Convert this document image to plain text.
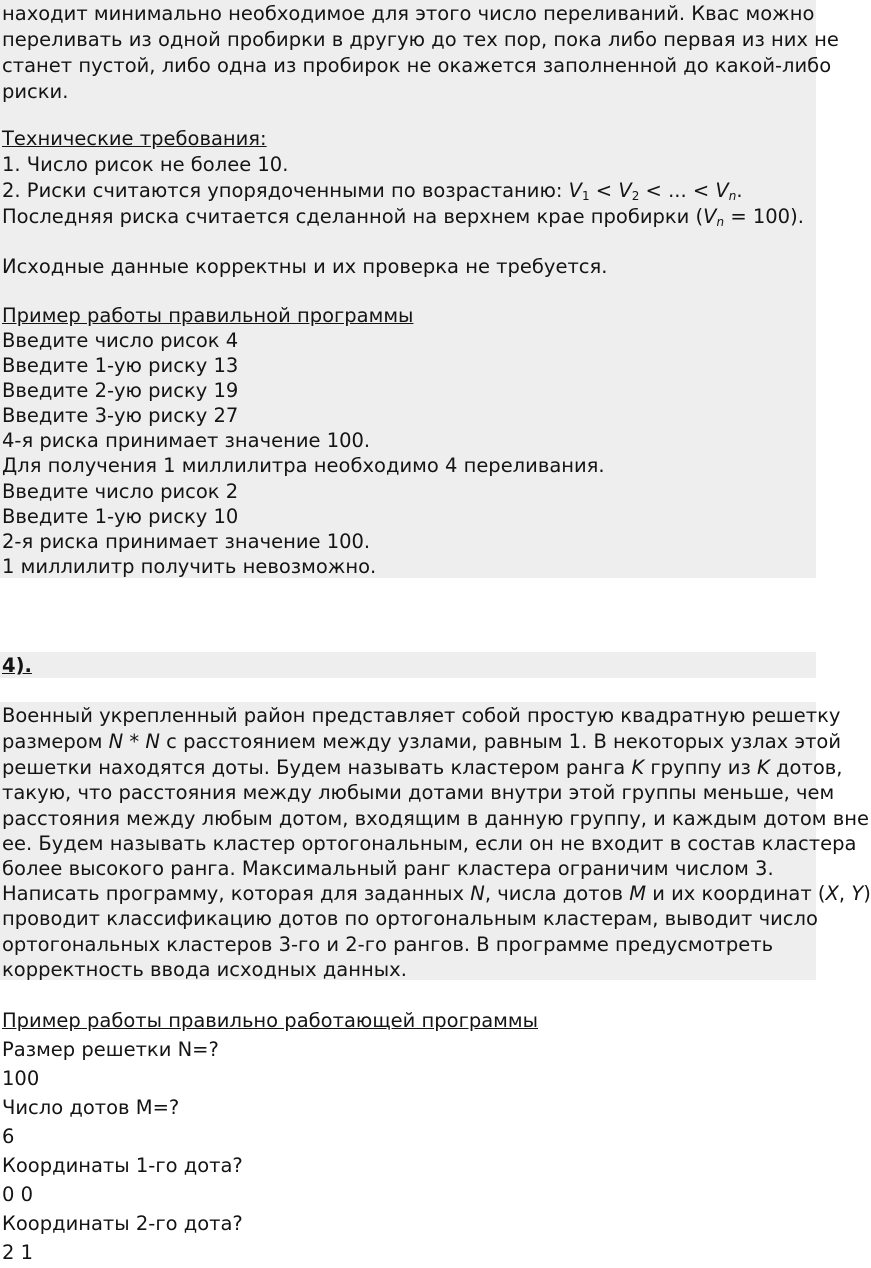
находит минимально необходимое для этого число переливаний. Квас можно
переливать из одной пробирки в другую до тех пор, пока либо первая из них не
станет пустой, либо одна из пробирок не окажется заполненной до какой-либо
риски.
Технические требования:
1. Число рисок не более 10.
2. Риски считаются упорядоченными по возрастанию: $V_1 < V_2$ < ... < $V_n$.
Последняя риска считается сделанной на верхнем крае пробирки $(V_n = 100)$.
Исходные данные корректны и их проверка не требуется.
Пример работы правильной программы
Введите число рисок 4
Введите 1-ую риску 13
Введите 2-ую риску 19
Введите 3-ую риску 27
4-я риска принимает значение 100.
Для получения 1 миллилитра необходимо 4 переливания.
Введите число рисок 2
Введите 1-ую риску 10
2-я риска принимает значение 100.
1 миллилитр получить невозможно.
4).
Военный укрепленный район представляет собой простую квадратную решетку
размером N * N с расстоянием между узлами, равным 1. В некоторых узлах этой
решетки находятся доты. Будем называть кластером ранга K группу из K дотов,
такую, что расстояния между любыми дотами внутри этой группы меньше, чем
расстояния между любым дотом, входящим в данную группу, и каждым дотом вне
ее. Будем называть кластер ортогональным, если он не входит в состав кластера
более высокого ранга. Максимальный ранг кластера ограничим числом 3.
Написать программу, которая для заданных N, числа дотов M и их координат (X, Y)
проводит классификацию дотов по ортогональным кластерам, выводит число
ортогональных кластеров 3-го и 2-го рангов. В программе предусмотреть
корректность ввода исходных данных.
Пример работы правильно работающей программы
Размер решетки N=?
100
Число дотов M=?
6
Координаты 1-го дота?
0 0
Координаты 2-го дота?
2 1
